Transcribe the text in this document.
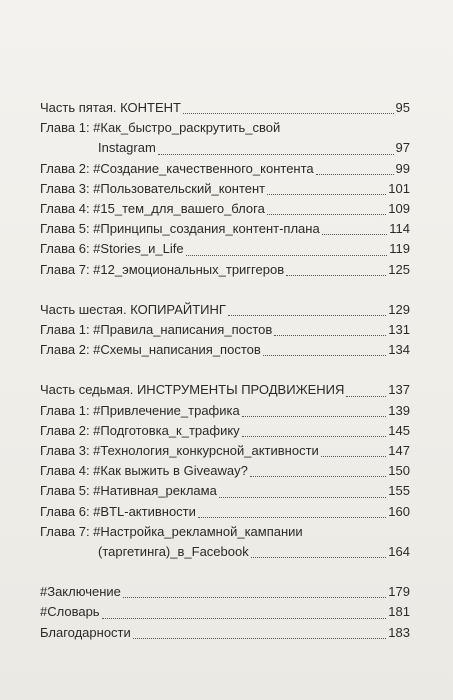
Часть пятая. КОНТЕНТ	95
Глава 1: #Как_быстро_раскрутить_свой
Instagram	97
Глава 2: #Создание_качественного_контента	99
Глава 3: #Пользовательский_контент	101
Глава 4: #15_тем_для_вашего_блога	109
Глава 5: #Принципы_создания_контент-плана	114
Глава 6: #Stories_и_Life	119
Глава 7: #12_эмоциональных_триггеров	125
Часть шестая. КОПИРАЙТИНГ	129
Глава 1: #Правила_написания_постов	131
Глава 2: #Схемы_написания_постов	134
Часть седьмая. ИНСТРУМЕНТЫ ПРОДВИЖЕНИЯ	137
Глава 1: #Привлечение_трафика	139
Глава 2: #Подготовка_к_трафику	145
Глава 3: #Технология_конкурсной_активности	147
Глава 4: #Как выжить в Giveaway?	150
Глава 5: #Нативная_реклама	155
Глава 6: #BTL-активности	160
Глава 7: #Настройка_рекламной_кампании
(таргетинга)_в_Facebook	164
#Заключение	179
#Словарь	181
Благодарности	183
